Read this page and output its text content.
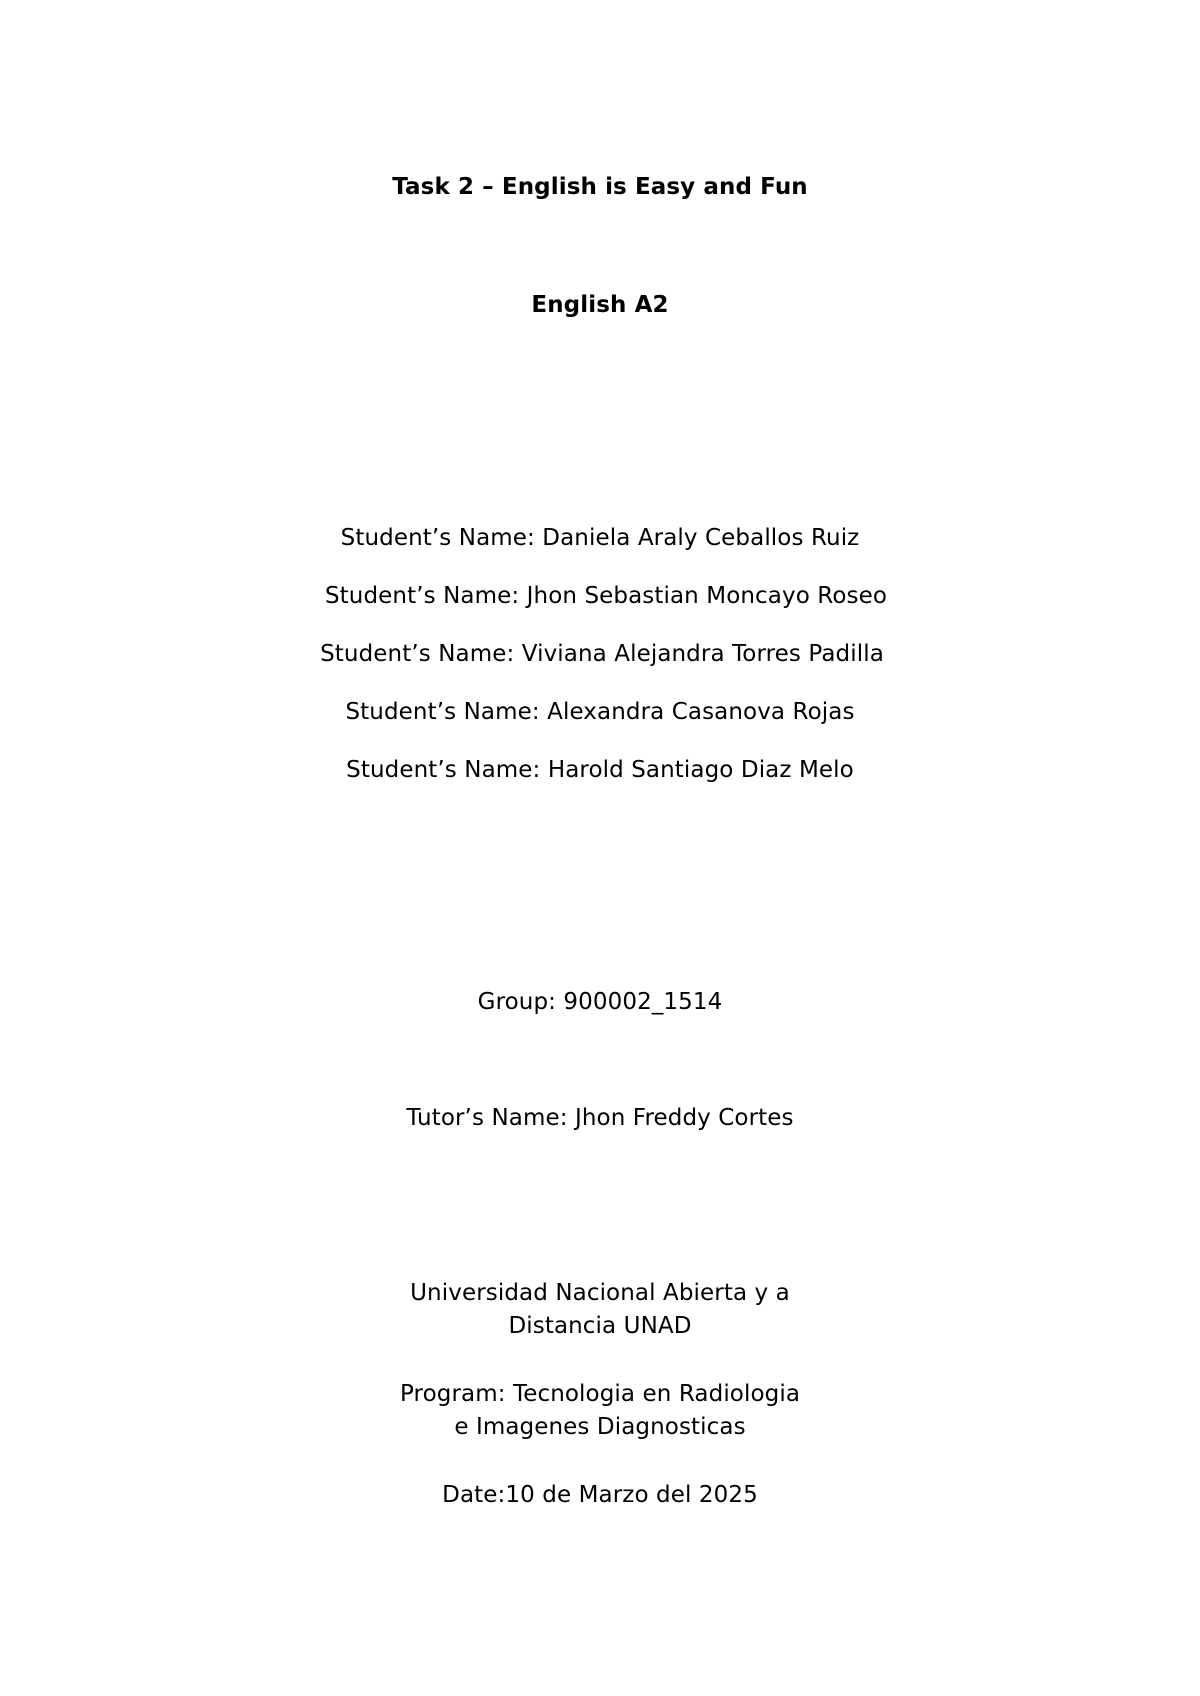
Task 2 – English is Easy and Fun
English A2
Student’s Name: Daniela Araly Ceballos Ruiz
Student’s Name: Jhon Sebastian Moncayo Roseo
Student’s Name: Viviana Alejandra Torres Padilla
Student’s Name: Alexandra Casanova Rojas
Student’s Name: Harold Santiago Diaz Melo
Group: 900002_1514
Tutor’s Name: Jhon Freddy Cortes
Universidad Nacional Abierta y a
Distancia UNAD
Program: Tecnologia en Radiologia
e Imagenes Diagnosticas
Date:10 de Marzo del 2025
